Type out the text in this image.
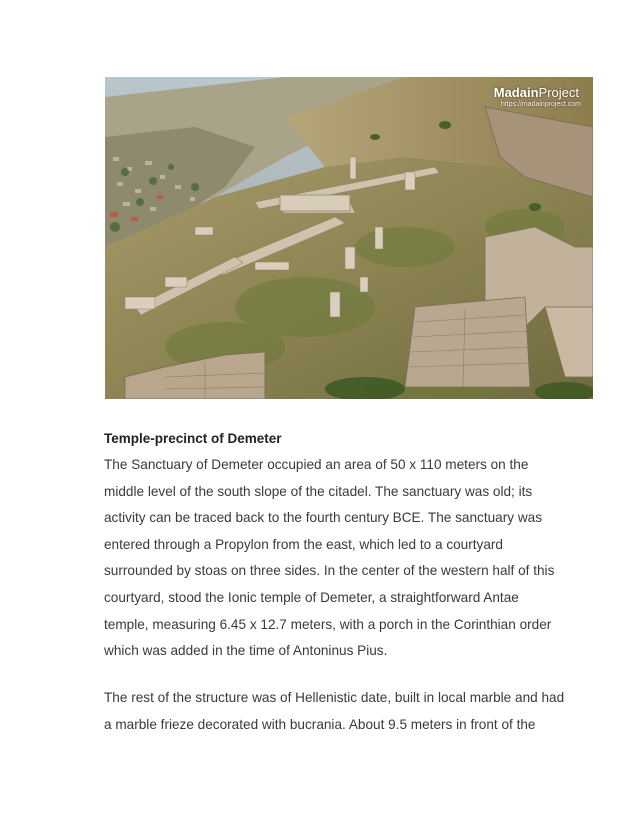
MadainProject
https://madainproject.com
Temple-precinct of Demeter
The Sanctuary of Demeter occupied an area of 50 x 110 meters on the
middle level of the south slope of the citadel. The sanctuary was old; its
activity can be traced back to the fourth century BCE. The sanctuary was
entered through a Propylon from the east, which led to a courtyard
surrounded by stoas on three sides. In the center of the western half of this
courtyard, stood the Ionic temple of Demeter, a straightforward Antae
temple, measuring 6.45 x 12.7 meters, with a porch in the Corinthian order
which was added in the time of Antoninus Pius.
The rest of the structure was of Hellenistic date, built in local marble and had
a marble frieze decorated with bucrania. About 9.5 meters in front of the
